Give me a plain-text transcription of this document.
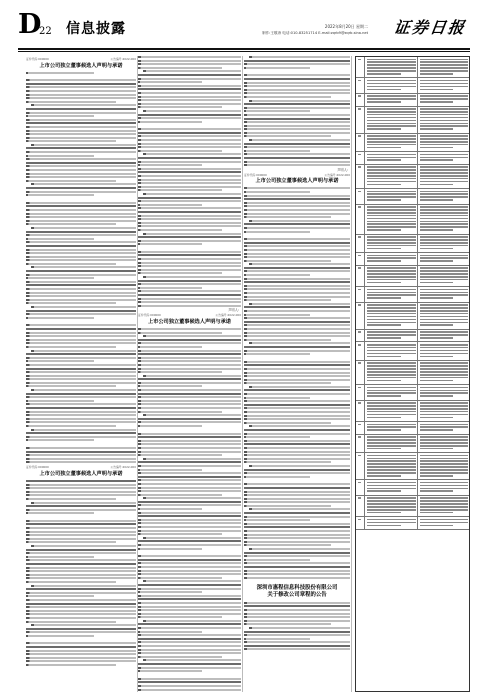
D
22 信息披露	2022年8月20日 星期二
制作:王敬涛 电话:010-83251714 E-mail:zqrb9@zqrb.sina.net 证券日报
证券代码:000000	公告编号:2022-000
上市公司独立董事候选人声明与承诺
证券代码:000000	公告编号:2022-000
上市公司独立董事候选人声明与承诺
声明人:
证券代码:000000	公告编号:2022-000
上市公司独立董事候选人声明与承诺
声明人:
证券代码:000000	公告编号:2022-000
上市公司独立董事候选人声明与承诺
深圳市惠程信息科技股份有限公司
关于修改公司章程的公告
